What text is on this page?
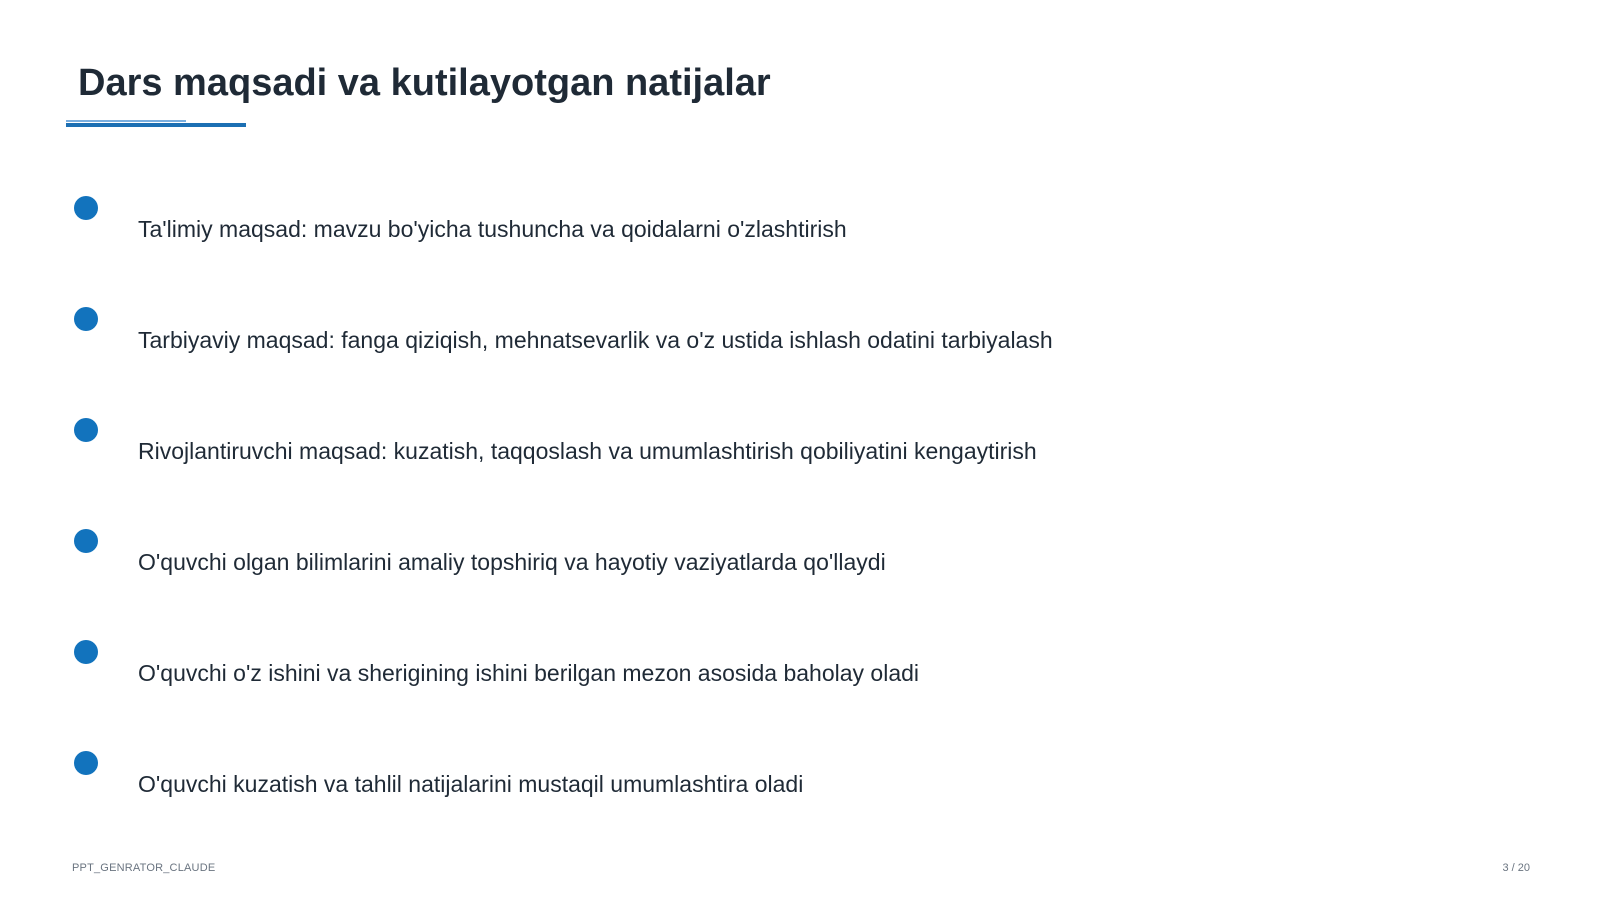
Dars maqsadi va kutilayotgan natijalar
Ta'limiy maqsad: mavzu bo'yicha tushuncha va qoidalarni o'zlashtirish
Tarbiyaviy maqsad: fanga qiziqish, mehnatsevarlik va o'z ustida ishlash odatini tarbiyalash
Rivojlantiruvchi maqsad: kuzatish, taqqoslash va umumlashtirish qobiliyatini kengaytirish
O'quvchi olgan bilimlarini amaliy topshiriq va hayotiy vaziyatlarda qo'llaydi
O'quvchi o'z ishini va sherigining ishini berilgan mezon asosida baholay oladi
O'quvchi kuzatish va tahlil natijalarini mustaqil umumlashtira oladi
PPT_GENRATOR_CLAUDE	3 / 20
